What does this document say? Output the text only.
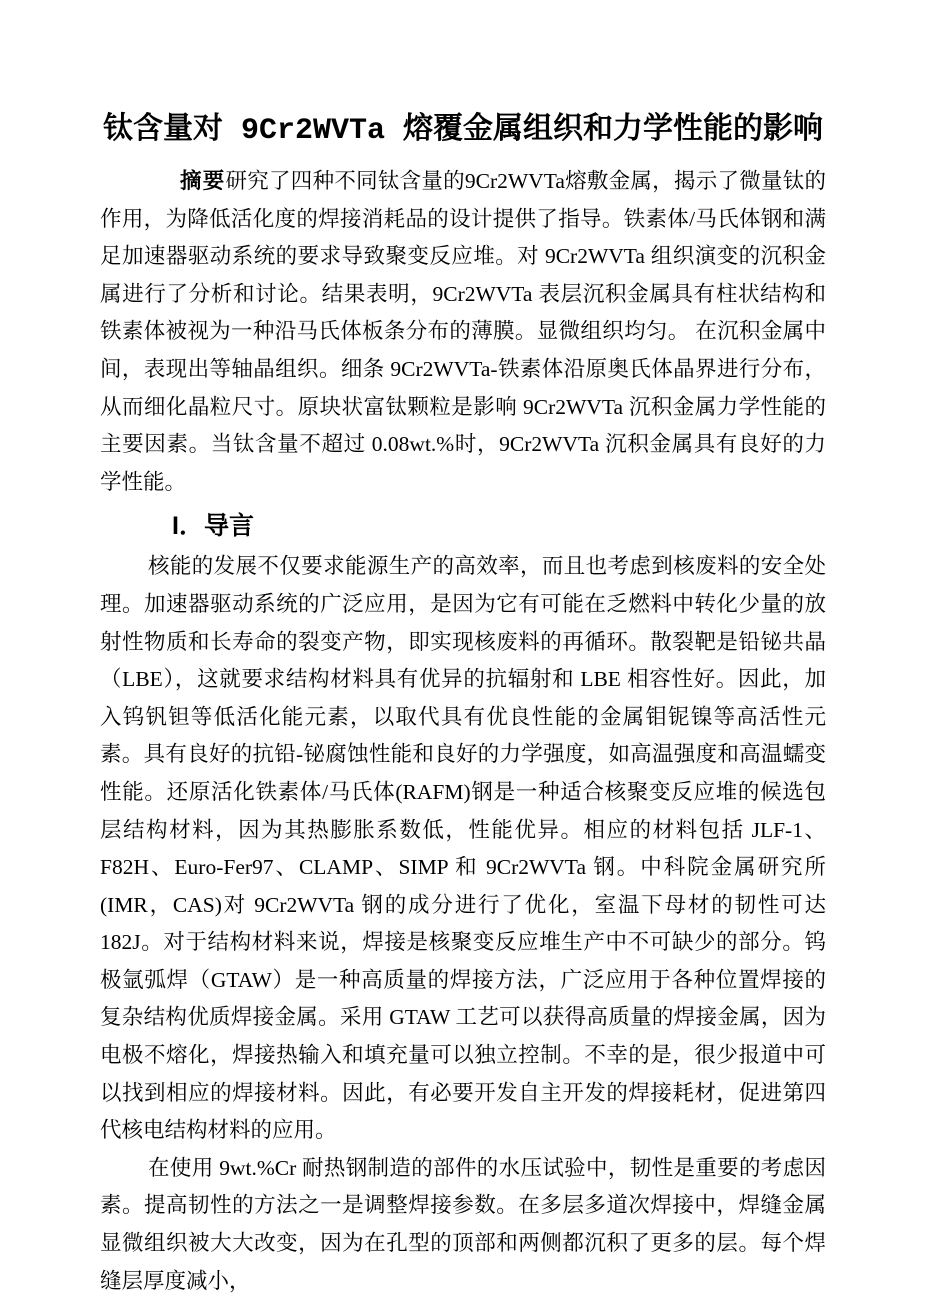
钛含量对 9Cr2WVTa 熔覆金属组织和力学性能的影响

摘要研究了四种不同钛含量的9Cr2WVTa熔敷金属，揭示了微量钛的作用，为降低活化度的焊接消耗品的设计提供了指导。铁素体/马氏体钢和满足加速器驱动系统的要求导致聚变反应堆。对 9Cr2WVTa 组织演变的沉积金属进行了分析和讨论。结果表明，9Cr2WVTa 表层沉积金属具有柱状结构和铁素体被视为一种沿马氏体板条分布的薄膜。显微组织均匀。 在沉积金属中间，表现出等轴晶组织。细条 9Cr2WVTa-铁素体沿原奥氏体晶界进行分布，从而细化晶粒尺寸。原块状富钛颗粒是影响 9Cr2WVTa 沉积金属力学性能的主要因素。当钛含量不超过 0.08wt.%时，9Cr2WVTa 沉积金属具有良好的力学性能。

I．导言

核能的发展不仅要求能源生产的高效率，而且也考虑到核废料的安全处理。加速器驱动系统的广泛应用，是因为它有可能在乏燃料中转化少量的放射性物质和长寿命的裂变产物，即实现核废料的再循环。散裂靶是铅铋共晶（LBE），这就要求结构材料具有优异的抗辐射和 LBE 相容性好。因此，加入钨钒钽等低活化能元素，以取代具有优良性能的金属钼铌镍等高活性元素。具有良好的抗铅-铋腐蚀性能和良好的力学强度，如高温强度和高温蠕变性能。还原活化铁素体/马氏体(RAFM)钢是一种适合核聚变反应堆的候选包层结构材料，因为其热膨胀系数低，性能优异。相应的材料包括 JLF-1、F82H、Euro-Fer97、CLAMP、SIMP 和 9Cr2WVTa 钢。中科院金属研究所(IMR，CAS)对 9Cr2WVTa 钢的成分进行了优化，室温下母材的韧性可达 182J。对于结构材料来说，焊接是核聚变反应堆生产中不可缺少的部分。钨极氩弧焊（GTAW）是一种高质量的焊接方法，广泛应用于各种位置焊接的复杂结构优质焊接金属。采用 GTAW 工艺可以获得高质量的焊接金属，因为电极不熔化，焊接热输入和填充量可以独立控制。不幸的是，很少报道中可以找到相应的焊接材料。因此，有必要开发自主开发的焊接耗材，促进第四代核电结构材料的应用。

在使用 9wt.%Cr 耐热钢制造的部件的水压试验中，韧性是重要的考虑因素。提高韧性的方法之一是调整焊接参数。在多层多道次焊接中，焊缝金属显微组织被大大改变，因为在孔型的顶部和两侧都沉积了更多的层。每个焊缝层厚度减小，
